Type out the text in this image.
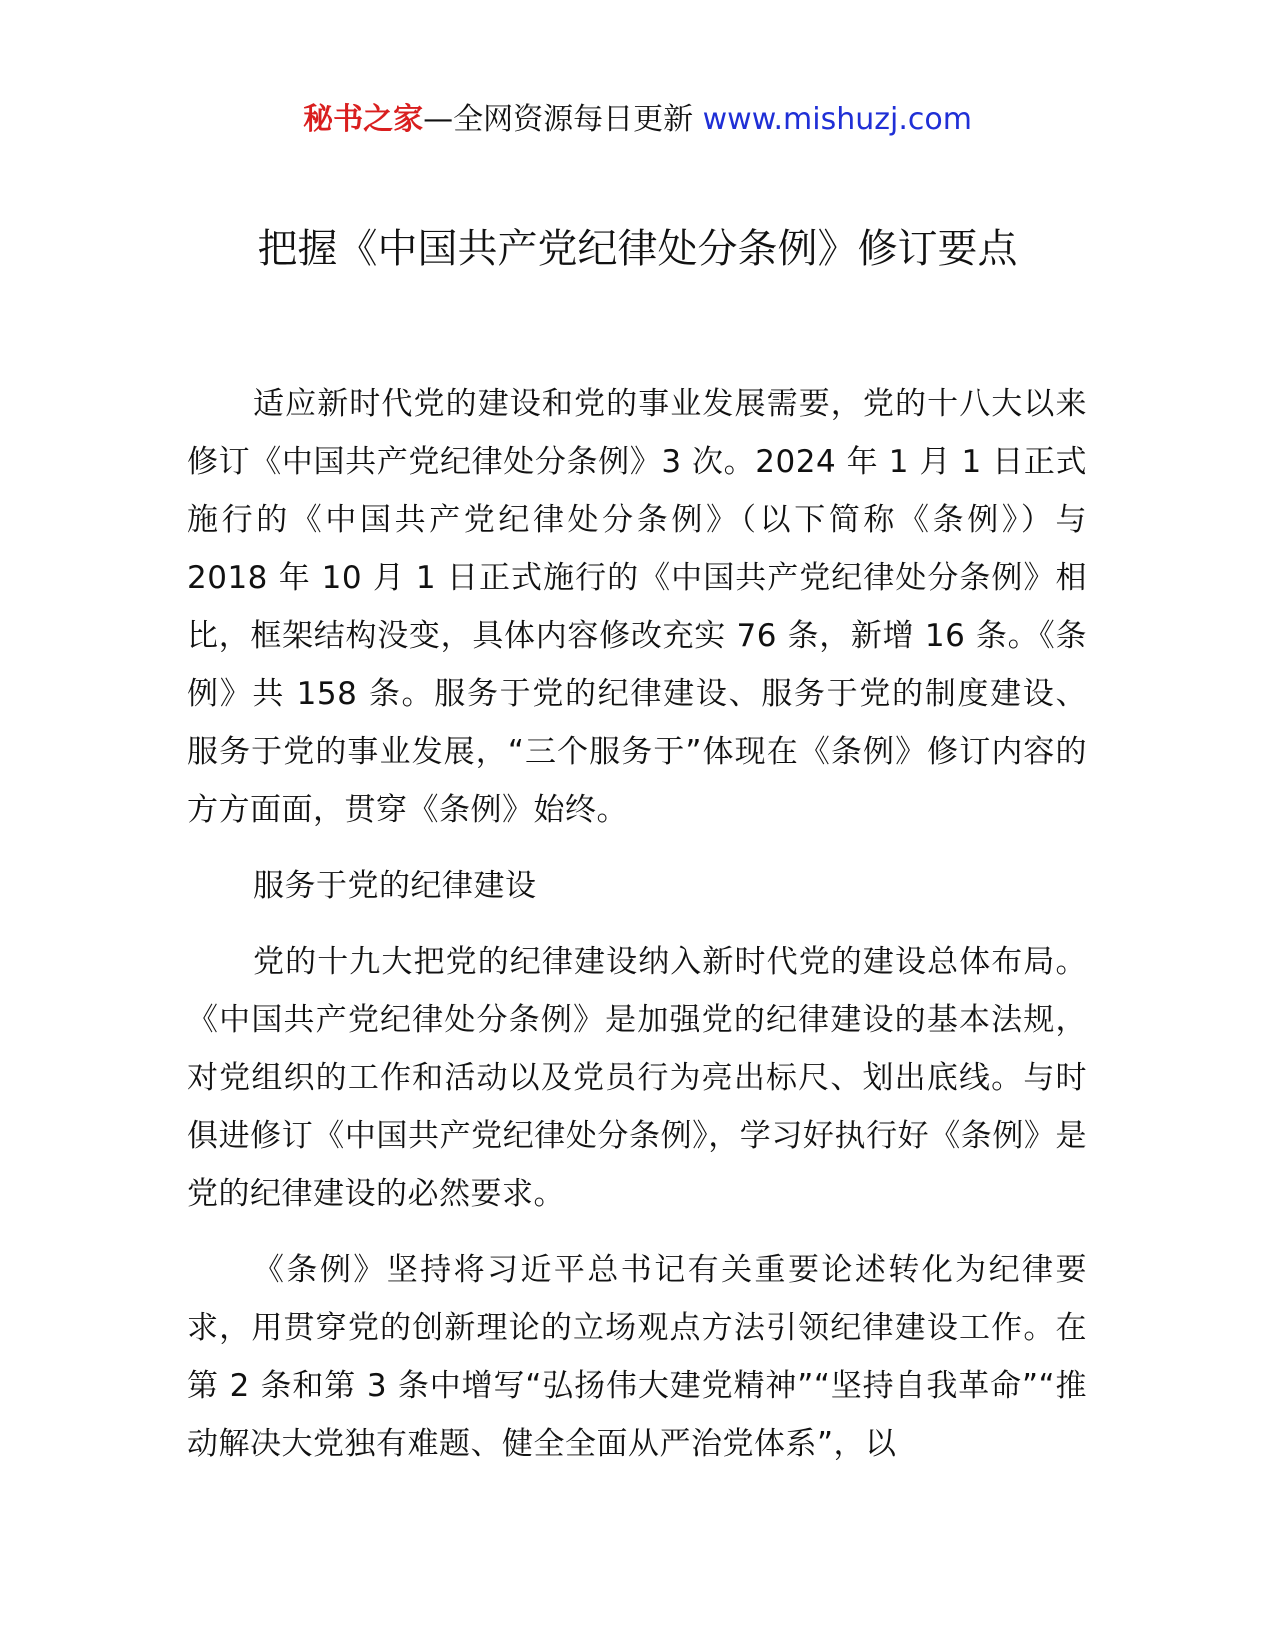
秘书之家—全网资源每日更新 www.mishuzj.com
把握《中国共产党纪律处分条例》修订要点

适应新时代党的建设和党的事业发展需要，党的十八大以来修订《中国共产党纪律处分条例》3 次。2024 年 1 月 1 日正式施行的《中国共产党纪律处分条例》（以下简称《条例》）与 2018 年 10 月 1 日正式施行的《中国共产党纪律处分条例》相比，框架结构没变，具体内容修改充实 76 条，新增 16 条。《条例》共 158 条。服务于党的纪律建设、服务于党的制度建设、服务于党的事业发展，“三个服务于”体现在《条例》修订内容的方方面面，贯穿《条例》始终。

服务于党的纪律建设

党的十九大把党的纪律建设纳入新时代党的建设总体布局。《中国共产党纪律处分条例》是加强党的纪律建设的基本法规，对党组织的工作和活动以及党员行为亮出标尺、划出底线。与时俱进修订《中国共产党纪律处分条例》，学习好执行好《条例》是党的纪律建设的必然要求。

《条例》坚持将习近平总书记有关重要论述转化为纪律要求，用贯穿党的创新理论的立场观点方法引领纪律建设工作。在第 2 条和第 3 条中增写“弘扬伟大建党精神”“坚持自我革命”“推动解决大党独有难题、健全全面从严治党体系”，以
